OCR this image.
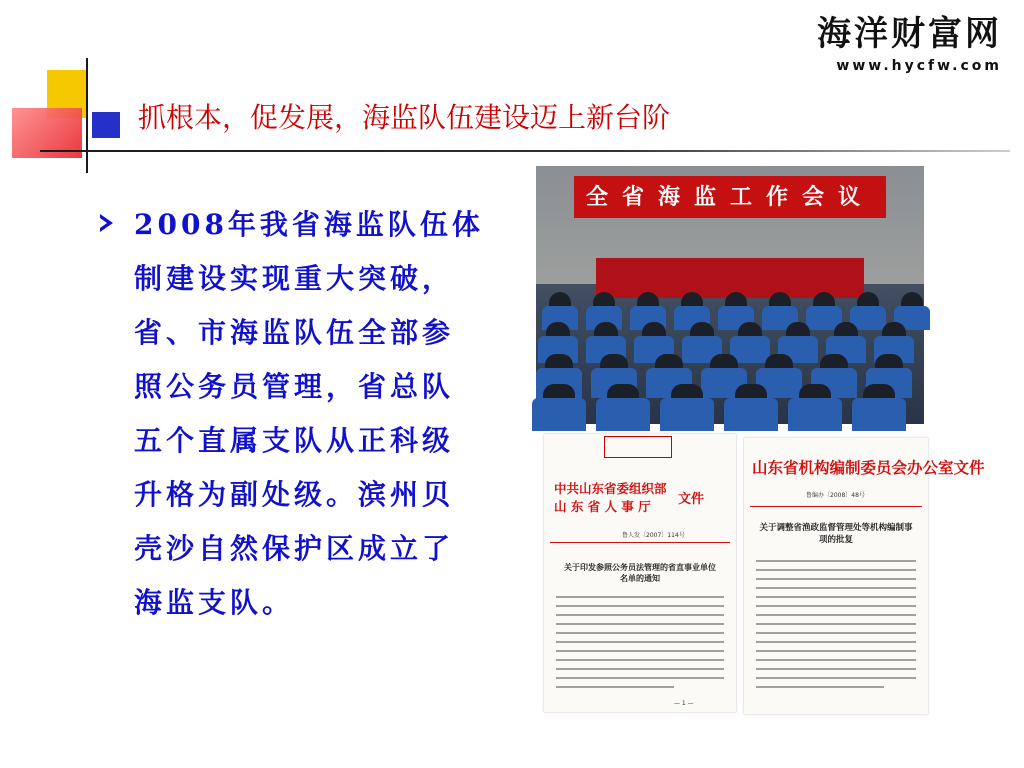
抓根本，促发展，海监队伍建设迈上新台阶
海洋财富网
www.hycfw.com

2008年我省海监队伍体制建设实现重大突破，省、市海监队伍全部参照公务员管理，省总队五个直属支队从正科级升格为副处级。滨州贝壳沙自然保护区成立了海监支队。

全省海监工作会议
中共山东省委组织部
山 东 省 人 事 厅	文件
鲁人发〔2007〕114号
关于印发参照公务员法管理的省直事业单位名单的通知
— 1 —
山东省机构编制委员会办公室文件
鲁编办〔2008〕48号
关于调整省渔政监督管理处等机构编制事项的批复
